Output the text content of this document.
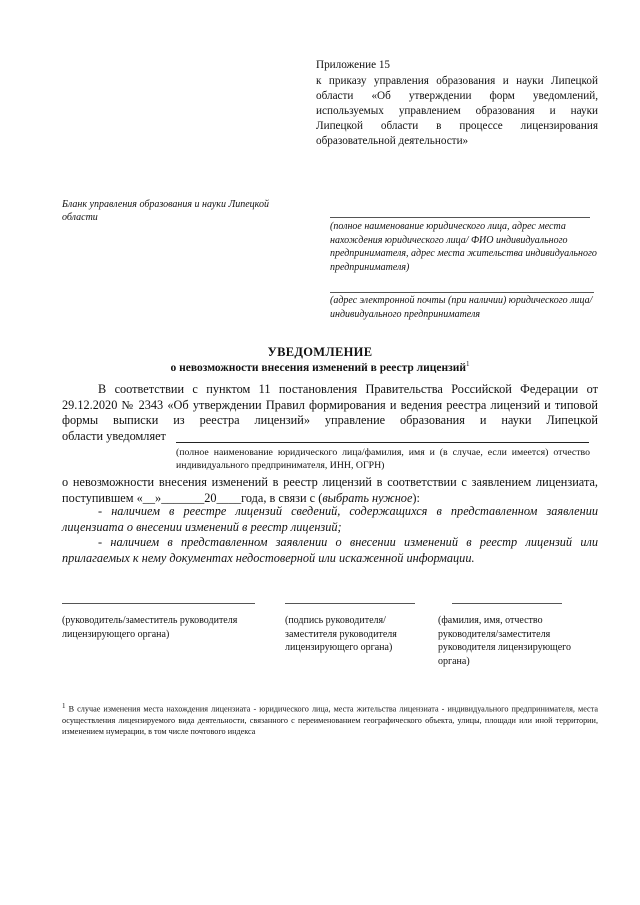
Приложение 15
к приказу управления образования и науки Липецкой области «Об утверждении форм уведомлений, используемых управлением образования и науки Липецкой области в процессе лицензирования образовательной деятельности»
Бланк управления образования и науки Липецкой области
(полное наименование юридического лица, адрес места нахождения юридического лица/ ФИО индивидуального предпринимателя, адрес места жительства индивидуального предпринимателя)
(адрес электронной почты (при наличии) юридического лица/индивидуального предпринимателя
УВЕДОМЛЕНИЕ
о невозможности внесения изменений в реестр лицензий$^1$
В соответствии с пунктом 11 постановления Правительства Российской Федерации от 29.12.2020 № 2343 «Об утверждении Правил формирования и ведения реестра лицензий и типовой формы выписки из реестра лицензий» управление образования и науки Липецкой
области уведомляет
(полное наименование юридического лица/фамилия, имя и (в случае, если имеется) отчество индивидуального предпринимателя, ИНН, ОГРН)
о невозможности внесения изменений в реестр лицензий в соответствии с заявлением лицензиата, поступившем «__»_______20____года, в связи с (выбрать нужное):
- наличием в реестре лицензий сведений, содержащихся в представленном заявлении лицензиата о внесении изменений в реестр лицензий;
- наличием в представленном заявлении о внесении изменений в реестр лицензий или прилагаемых к нему документах недостоверной или искаженной информации.
(руководитель/заместитель руководителя лицензирующего органа)
(подпись руководителя/заместителя руководителя лицензирующего органа)
(фамилия, имя, отчество руководителя/заместителя руководителя лицензирующего органа)
$^1$ В случае изменения места нахождения лицензиата - юридического лица, места жительства лицензиата - индивидуального предпринимателя, места осуществления лицензируемого вида деятельности, связанного с переименованием географического объекта, улицы, площади или иной территории, изменением нумерации, в том числе почтового индекса
